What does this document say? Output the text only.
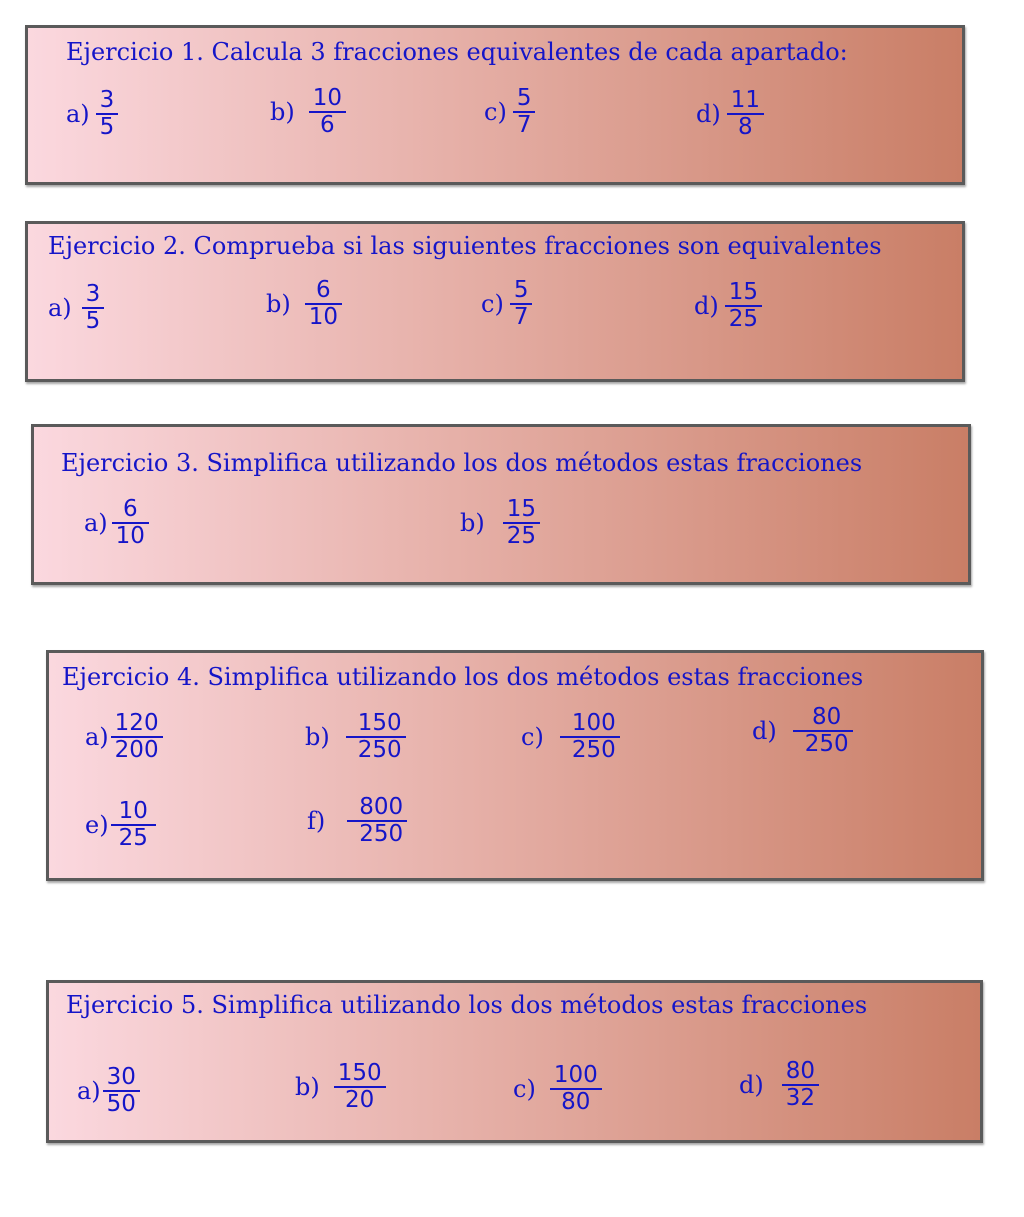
Ejercicio 1. Calcula 3 fracciones equivalentes de cada apartado:
$a) \frac{3}{5}$	$b) \frac{10}{6}$	$c) \frac{5}{7}$	$d) \frac{11}{8}$
Ejercicio 2. Comprueba si las siguientes fracciones son equivalentes
$a) \frac{3}{5}$	$b) \frac{6}{10}$	$c) \frac{5}{7}$	$d) \frac{15}{25}$
Ejercicio 3. Simplifica utilizando los dos métodos estas fracciones
$a) \frac{6}{10}$	$b) \frac{15}{25}$
Ejercicio 4. Simplifica utilizando los dos métodos estas fracciones
$a) \frac{120}{200}$	$b) \frac{150}{250}$	$c) \frac{100}{250}$	$d) \frac{80}{250}$
$e) \frac{10}{25}$	$f) \frac{800}{250}$
Ejercicio 5. Simplifica utilizando los dos métodos estas fracciones
$a) \frac{30}{50}$	$b) \frac{150}{20}$	$c) \frac{100}{80}$	$d) \frac{80}{32}$
